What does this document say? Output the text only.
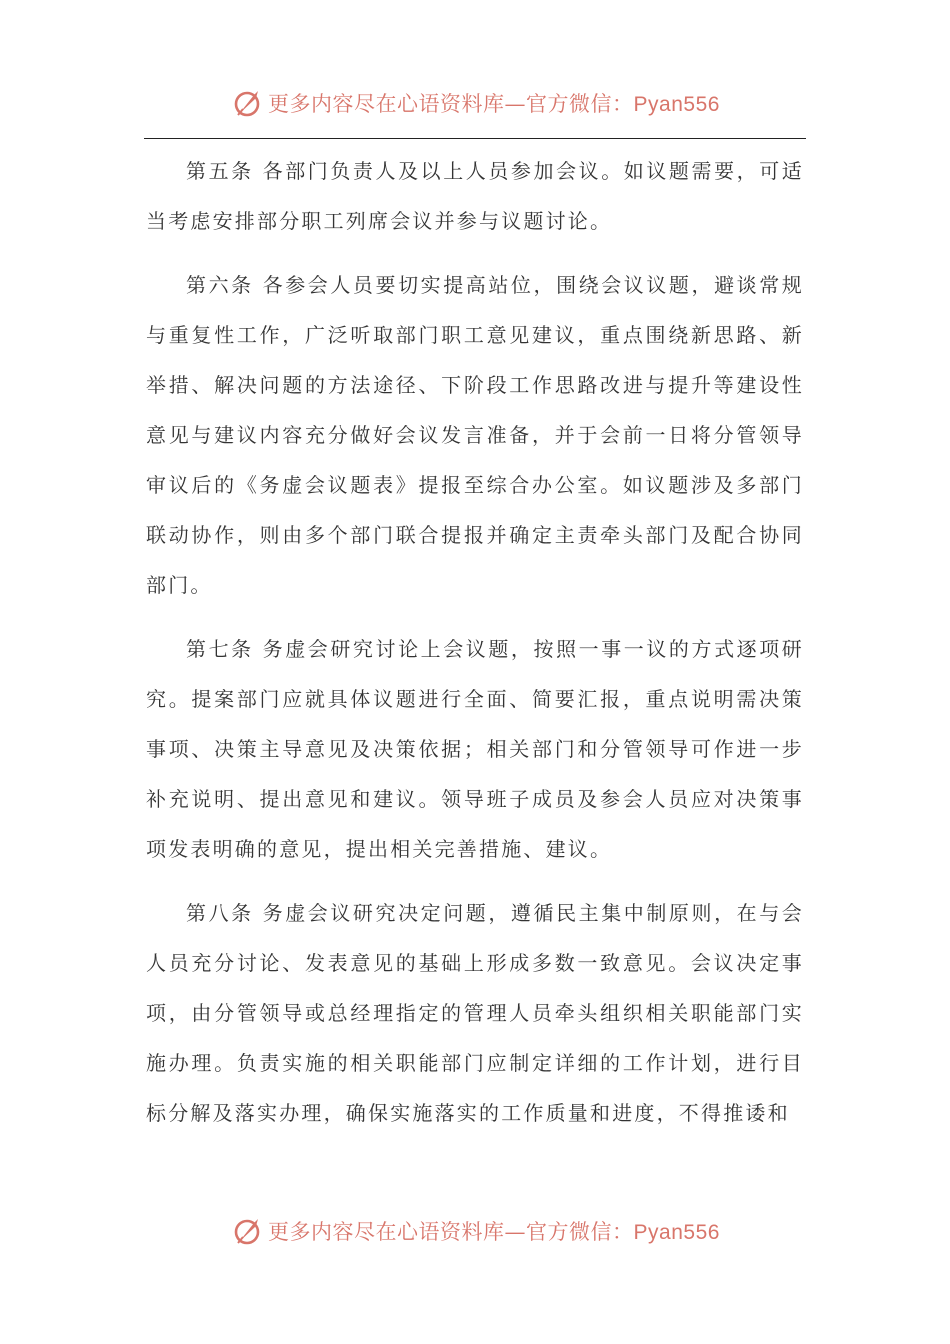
更多内容尽在心语资料库—官方微信：Pyan556

第五条 各部门负责人及以上人员参加会议。如议题需要，可适当考虑安排部分职工列席会议并参与议题讨论。

第六条 各参会人员要切实提高站位，围绕会议议题，避谈常规与重复性工作，广泛听取部门职工意见建议，重点围绕新思路、新举措、解决问题的方法途径、下阶段工作思路改进与提升等建设性意见与建议内容充分做好会议发言准备，并于会前一日将分管领导审议后的《务虚会议题表》提报至综合办公室。如议题涉及多部门联动协作，则由多个部门联合提报并确定主责牵头部门及配合协同部门。

第七条 务虚会研究讨论上会议题，按照一事一议的方式逐项研究。提案部门应就具体议题进行全面、简要汇报，重点说明需决策事项、决策主导意见及决策依据；相关部门和分管领导可作进一步补充说明、提出意见和建议。领导班子成员及参会人员应对决策事项发表明确的意见，提出相关完善措施、建议。

第八条 务虚会议研究决定问题，遵循民主集中制原则，在与会人员充分讨论、发表意见的基础上形成多数一致意见。会议决定事项，由分管领导或总经理指定的管理人员牵头组织相关职能部门实施办理。负责实施的相关职能部门应制定详细的工作计划，进行目标分解及落实办理，确保实施落实的工作质量和进度，不得推诿和

更多内容尽在心语资料库—官方微信：Pyan556
